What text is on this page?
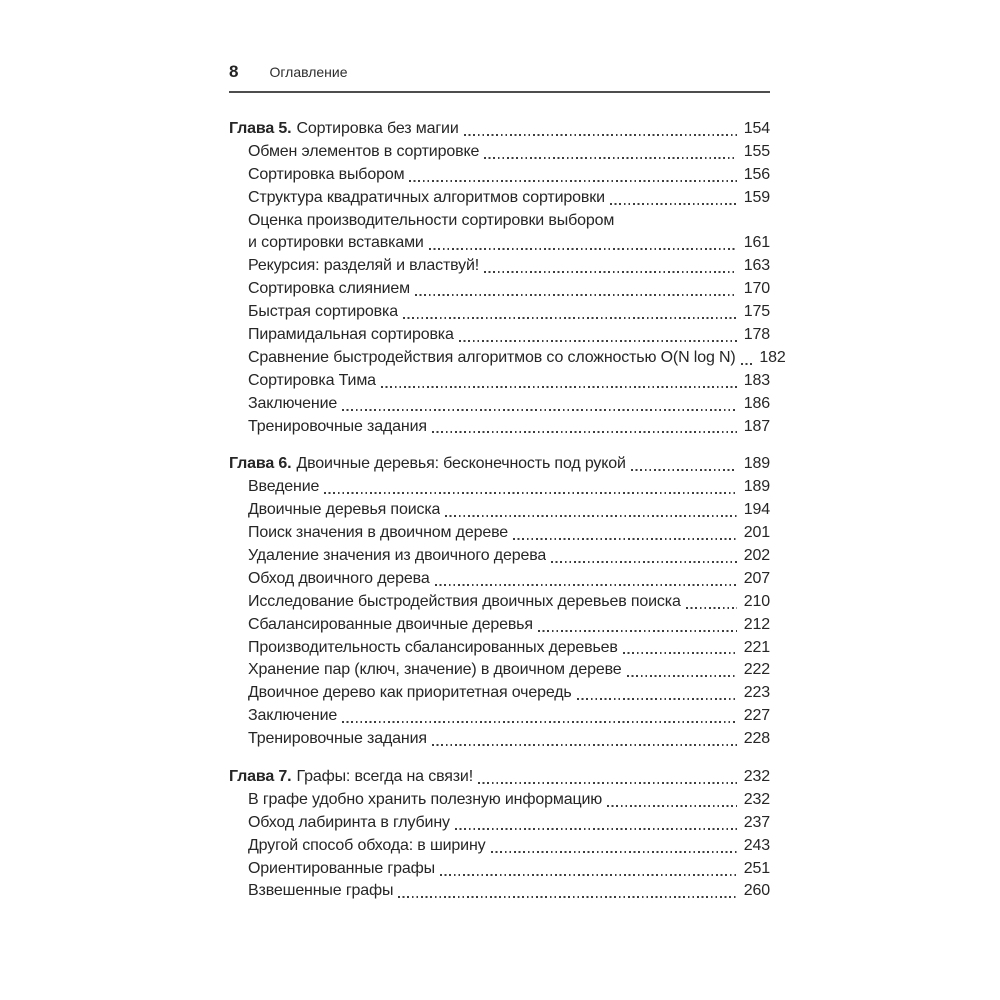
8 Оглавление
Глава 5. Сортировка без магии	154
Обмен элементов в сортировке	155
Сортировка выбором	156
Структура квадратичных алгоритмов сортировки	159
Оценка производительности сортировки выбором
и сортировки вставками	161
Рекурсия: разделяй и властвуй!	163
Сортировка слиянием	170
Быстрая сортировка	175
Пирамидальная сортировка	178
Сравнение быстродействия алгоритмов со сложностью O(N log N) 182
Сортировка Тима	183
Заключение	186
Тренировочные задания	187
Глава 6. Двоичные деревья: бесконечность под рукой	189
Введение	189
Двоичные деревья поиска	194
Поиск значения в двоичном дереве	201
Удаление значения из двоичного дерева	202
Обход двоичного дерева	207
Исследование быстродействия двоичных деревьев поиска	210
Сбалансированные двоичные деревья	212
Производительность сбалансированных деревьев	221
Хранение пар (ключ, значение) в двоичном дереве	222
Двоичное дерево как приоритетная очередь	223
Заключение	227
Тренировочные задания	228
Глава 7. Графы: всегда на связи!	232
В графе удобно хранить полезную информацию	232
Обход лабиринта в глубину	237
Другой способ обхода: в ширину	243
Ориентированные графы	251
Взвешенные графы	260
